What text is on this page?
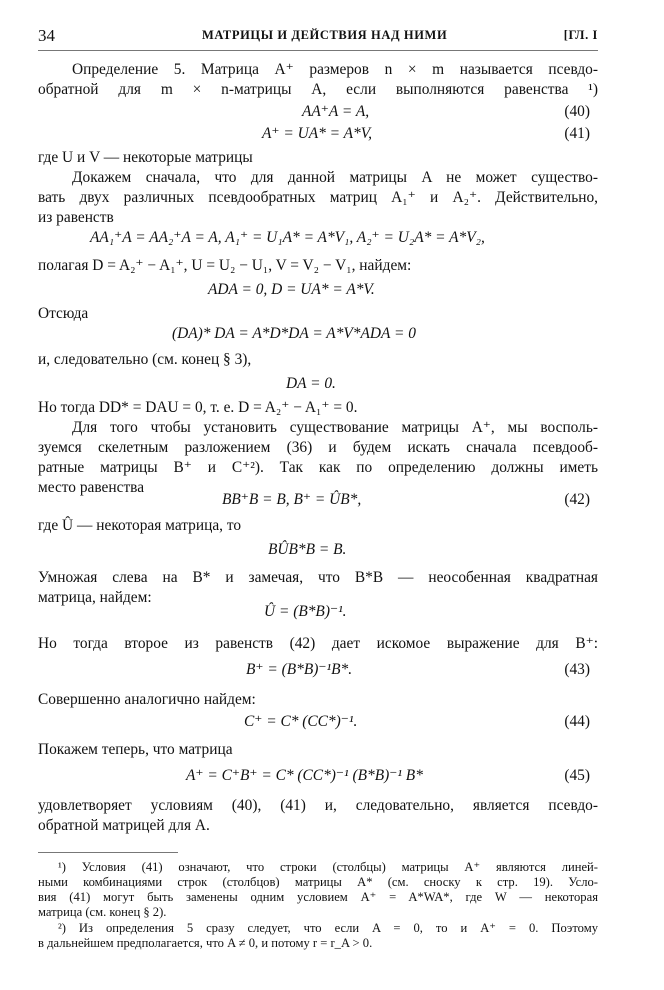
34	МАТРИЦЫ И ДЕЙСТВИЯ НАД НИМИ	[ГЛ. I
Определение 5. Матрица A⁺ размеров n × m называется псевдо-
обратной для m × n-матрицы A, если выполняются равенства ¹)
AA⁺A = A,	(40)
A⁺ = UA* = A*V,	(41)
где U и V — некоторые матрицы
Докажем сначала, что для данной матрицы A не может существо-
вать двух различных псевдообратных матриц A₁⁺ и A₂⁺. Действительно,
из равенств
AA₁⁺A = AA₂⁺A = A, A₁⁺ = U₁A* = A*V₁, A₂⁺ = U₂A* = A*V₂,
полагая D = A₂⁺ − A₁⁺, U = U₂ − U₁, V = V₂ − V₁, найдем:
ADA = 0, D = UA* = A*V.
Отсюда
(DA)* DA = A*D*DA = A*V*ADA = 0
и, следовательно (см. конец § 3),
DA = 0.
Но тогда DD* = DAU = 0, т. е. D = A₂⁺ − A₁⁺ = 0.
Для того чтобы установить существование матрицы A⁺, мы восполь-
зуемся скелетным разложением (36) и будем искать сначала псевдооб-
ратные матрицы B⁺ и C⁺²). Так как по определению должны иметь
место равенства
BB⁺B = B, B⁺ = ÛB*,	(42)
где Û — некоторая матрица, то
BÛB*B = B.
Умножая слева на B* и замечая, что B*B — неособенная квадратная
матрица, найдем:
Û = (B*B)⁻¹.
Но тогда второе из равенств (42) дает искомое выражение для B⁺:
B⁺ = (B*B)⁻¹B*.	(43)
Совершенно аналогично найдем:
C⁺ = C* (CC*)⁻¹.	(44)
Покажем теперь, что матрица
A⁺ = C⁺B⁺ = C* (CC*)⁻¹ (B*B)⁻¹ B*	(45)
удовлетворяет условиям (40), (41) и, следовательно, является псевдо-
обратной матрицей для A.
¹) Условия (41) означают, что строки (столбцы) матрицы A⁺ являются линей-
ными комбинациями строк (столбцов) матрицы A* (см. сноску к стр. 19). Усло-
вия (41) могут быть заменены одним условием A⁺ = A*WA*, где W — некоторая
матрица (см. конец § 2).
²) Из определения 5 сразу следует, что если A = 0, то и A⁺ = 0. Поэтому
в дальнейшем предполагается, что A ≠ 0, и потому r = r_A > 0.
